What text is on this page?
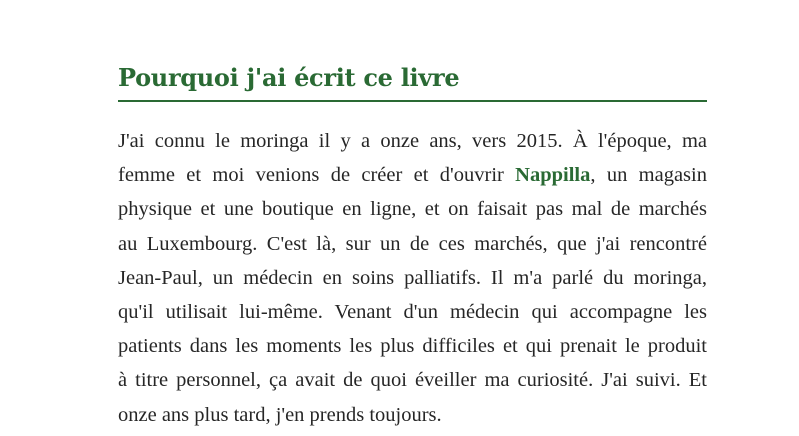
Pourquoi j'ai écrit ce livre
J'ai connu le moringa il y a onze ans, vers 2015. À l'époque, ma
femme et moi venions de créer et d'ouvrir Nappilla, un magasin
physique et une boutique en ligne, et on faisait pas mal de marchés
au Luxembourg. C'est là, sur un de ces marchés, que j'ai rencontré
Jean-Paul, un médecin en soins palliatifs. Il m'a parlé du moringa,
qu'il utilisait lui-même. Venant d'un médecin qui accompagne les
patients dans les moments les plus difficiles et qui prenait le produit
à titre personnel, ça avait de quoi éveiller ma curiosité. J'ai suivi. Et
onze ans plus tard, j'en prends toujours.
